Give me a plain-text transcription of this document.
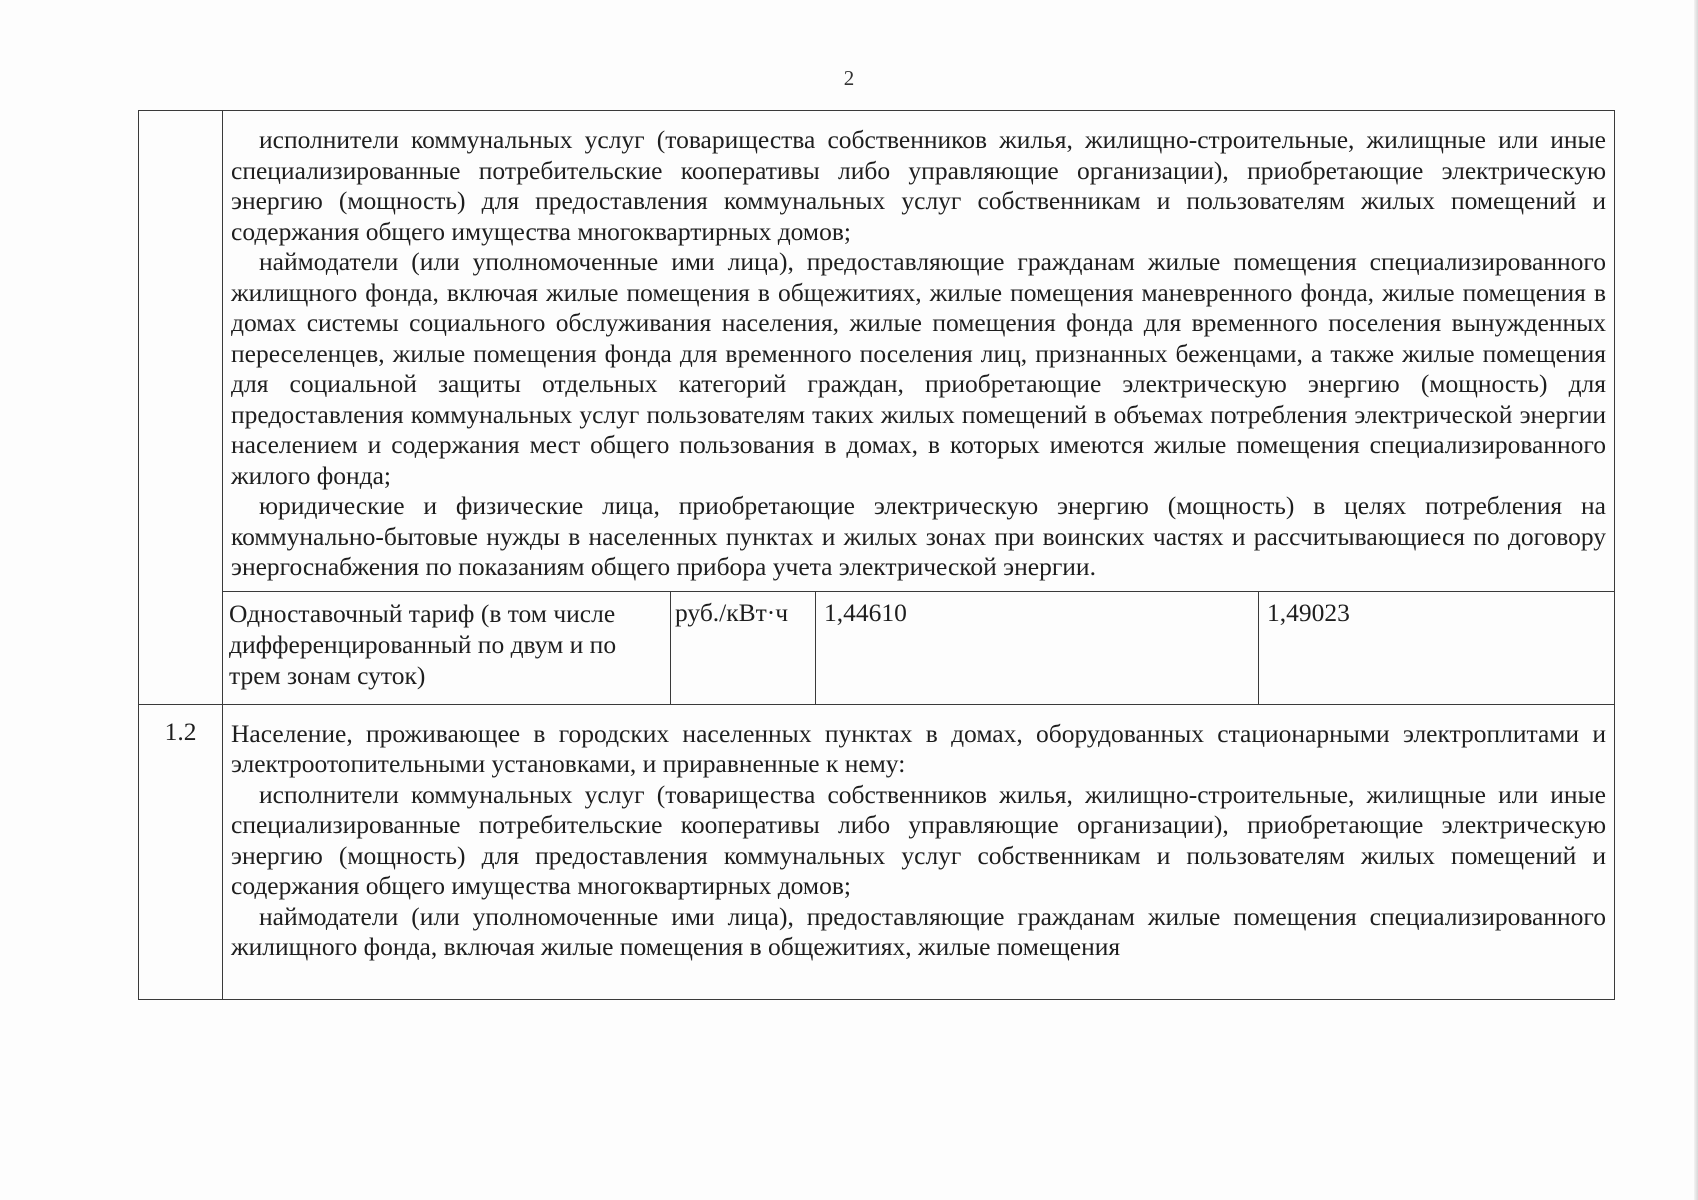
2

	исполнители коммунальных услуг (товарищества собственников жилья, жилищно-строительные, жилищные или иные специализированные потребительские кооперативы либо управляющие организации), приобретающие электрическую энергию (мощность) для предоставления коммунальных услуг собственникам и пользователям жилых помещений и содержания общего имущества многоквартирных домов;

наймодатели (или уполномоченные ими лица), предоставляющие гражданам жилые помещения специализированного жилищного фонда, включая жилые помещения в общежитиях, жилые помещения маневренного фонда, жилые помещения в домах системы социального обслуживания населения, жилые помещения фонда для временного поселения вынужденных переселенцев, жилые помещения фонда для временного поселения лиц, признанных беженцами, а также жилые помещения для социальной защиты отдельных категорий граждан, приобретающие электрическую энергию (мощность) для предоставления коммунальных услуг пользователям таких жилых помещений в объемах потребления электрической энергии населением и содержания мест общего пользования в домах, в которых имеются жилые помещения специализированного жилого фонда;

юридические и физические лица, приобретающие электрическую энергию (мощность) в целях потребления на коммунально-бытовые нужды в населенных пунктах и жилых зонах при воинских частях и рассчитывающиеся по договору энергоснабжения по показаниям общего прибора учета электрической энергии.			

	Одноставочный тариф (в том числе дифференцированный по двум и по трем зонам суток)	руб./кВт·ч	1,44610	1,49023
1.2	Население, проживающее в городских населенных пунктах в домах, оборудованных стационарными электроплитами и электроотопительными установками, и приравненные к нему:

исполнители коммунальных услуг (товарищества собственников жилья, жилищно-строительные, жилищные или иные специализированные потребительские кооперативы либо управляющие организации), приобретающие электрическую энергию (мощность) для предоставления коммунальных услуг собственникам и пользователям жилых помещений и содержания общего имущества многоквартирных домов;

наймодатели (или уполномоченные ими лица), предоставляющие гражданам жилые помещения специализированного жилищного фонда, включая жилые помещения в общежитиях, жилые помещения			
